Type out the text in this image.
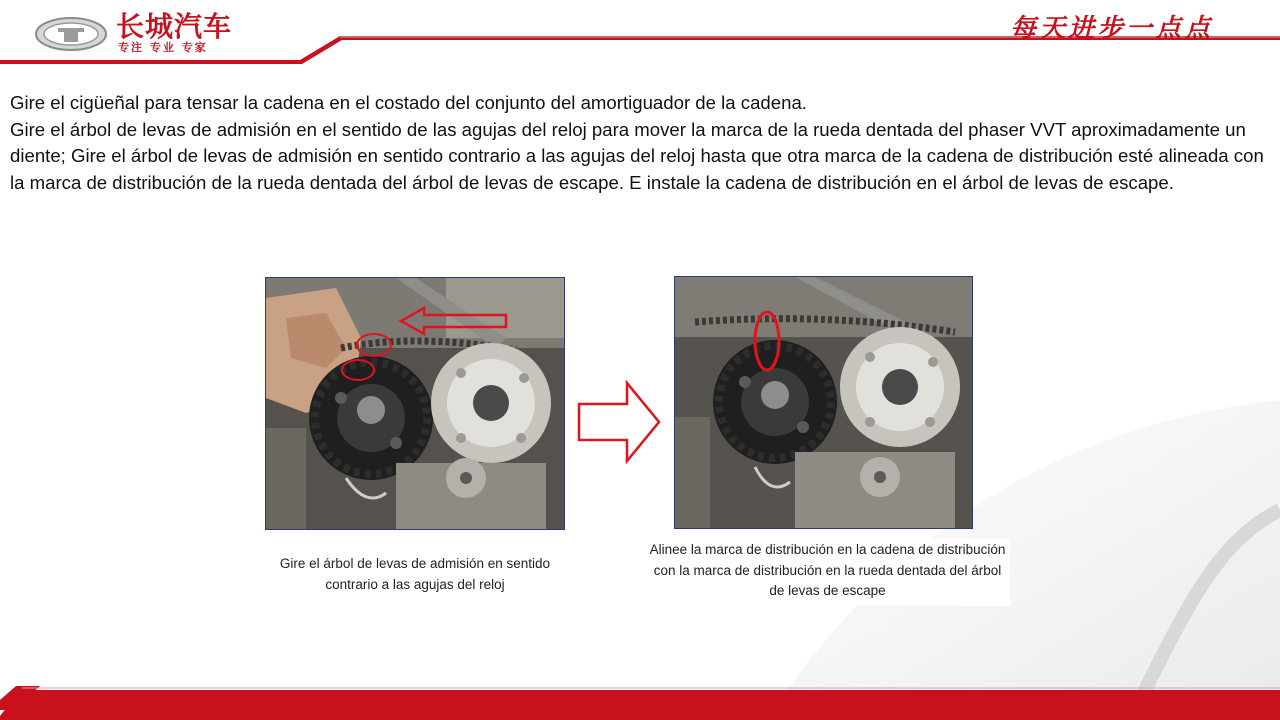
长城汽车
专注 专业 专家
每天进步一点点

Gire el cigüeñal para tensar la cadena en el costado del conjunto del amortiguador de la cadena.

Gire el árbol de levas de admisión en el sentido de las agujas del reloj para mover la marca de la rueda dentada del phaser VVT aproximadamente un diente; Gire el árbol de levas de admisión en sentido contrario a las agujas del reloj hasta que otra marca de la cadena de distribución esté alineada con la marca de distribución de la rueda dentada del árbol de levas de escape. E instale la cadena de distribución en el árbol de levas de escape.

Gire el árbol de levas de admisión en sentido contrario a las agujas del reloj
Alinee la marca de distribución en la cadena de distribución con la marca de distribución en la rueda dentada del árbol de levas de escape
